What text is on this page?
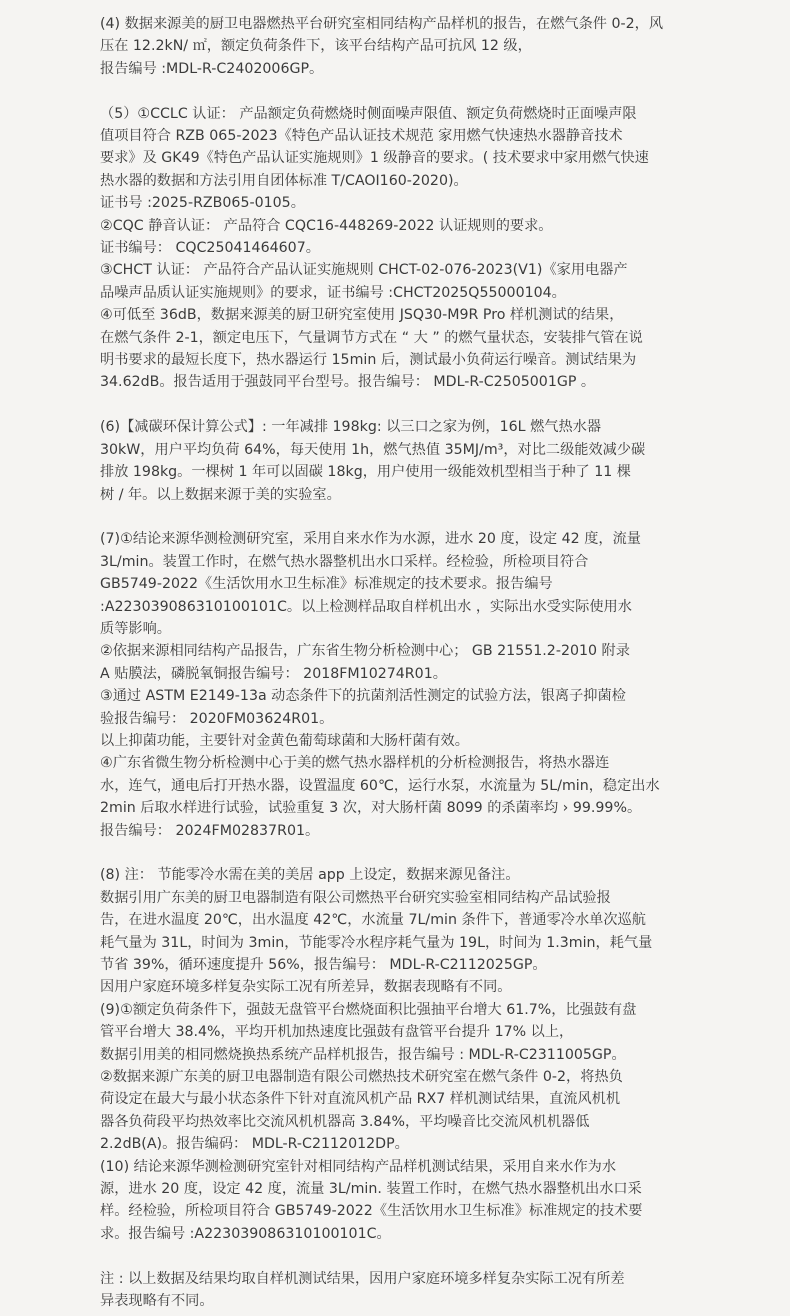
(4) 数据来源美的厨卫电器燃热平台研究室相同结构产品样机的报告，在燃气条件 0-2，风
压在 12.2kN/ ㎡，额定负荷条件下，该平台结构产品可抗风 12 级，
报告编号 :MDL-R-C2402006GP。
（5）①CCLC 认证： 产品额定负荷燃烧时侧面噪声限值、额定负荷燃烧时正面噪声限
值项目符合 RZB 065-2023《特色产品认证技术规范 家用燃气快速热水器静音技术
要求》及 GK49《特色产品认证实施规则》1 级静音的要求。( 技术要求中家用燃气快速
热水器的数据和方法引用自团体标准 T/CAOI160-2020)。
证书号 :2025-RZB065-0105。
②CQC 静音认证： 产品符合 CQC16-448269-2022 认证规则的要求。
证书编号： CQC25041464607。
③CHCT 认证： 产品符合产品认证实施规则 CHCT-02-076-2023(V1)《家用电器产
品噪声品质认证实施规则》的要求，证书编号 :CHCT2025Q55000104。
④可低至 36dB，数据来源美的厨卫研究室使用 JSQ30-M9R Pro 样机测试的结果，
在燃气条件 2-1，额定电压下，气量调节方式在 “ 大 ” 的燃气量状态，安装排气管在说
明书要求的最短长度下，热水器运行 15min 后，测试最小负荷运行噪音。测试结果为
34.62dB。报告适用于强鼓同平台型号。报告编号： MDL-R-C2505001GP 。
(6)【减碳环保计算公式】: 一年减排 198kg: 以三口之家为例，16L 燃气热水器
30kW，用户平均负荷 64%，每天使用 1h，燃气热值 35MJ/m³，对比二级能效减少碳
排放 198kg。一棵树 1 年可以固碳 18kg，用户使用一级能效机型相当于种了 11 棵
树 / 年。以上数据来源于美的实验室。
(7)①结论来源华测检测研究室，采用自来水作为水源，进水 20 度，设定 42 度，流量
3L/min。装置工作时，在燃气热水器整机出水口采样。经检验，所检项目符合
GB5749-2022《生活饮用水卫生标准》标准规定的技术要求。报告编号
:A223039086310100101C。以上检测样品取自样机出水 ，实际出水受实际使用水
质等影响。
②依据来源相同结构产品报告，广东省生物分析检测中心； GB 21551.2-2010 附录
A 贴膜法，磷脱氧铜报告编号： 2018FM10274R01。
③通过 ASTM E2149-13a 动态条件下的抗菌剂活性测定的试验方法，银离子抑菌检
验报告编号： 2020FM03624R01。
以上抑菌功能，主要针对金黄色葡萄球菌和大肠杆菌有效。
④广东省微生物分析检测中心于美的燃气热水器样机的分析检测报告，将热水器连
水，连气，通电后打开热水器，设置温度 60℃，运行水泵，水流量为 5L/min，稳定出水
2min 后取水样进行试验，试验重复 3 次，对大肠杆菌 8099 的杀菌率均 › 99.99%。
报告编号： 2024FM02837R01。
(8) 注： 节能零冷水需在美的美居 app 上设定，数据来源见备注。
数据引用广东美的厨卫电器制造有限公司燃热平台研究实验室相同结构产品试验报
告，在进水温度 20℃，出水温度 42℃，水流量 7L/min 条件下，普通零冷水单次巡航
耗气量为 31L，时间为 3min，节能零冷水程序耗气量为 19L，时间为 1.3min，耗气量
节省 39%，循环速度提升 56%，报告编号： MDL-R-C2112025GP。
因用户家庭环境多样复杂实际工况有所差异，数据表现略有不同。
(9)①额定负荷条件下，强鼓无盘管平台燃烧面积比强抽平台增大 61.7%，比强鼓有盘
管平台增大 38.4%，平均开机加热速度比强鼓有盘管平台提升 17% 以上，
数据引用美的相同燃烧换热系统产品样机报告，报告编号 : MDL-R-C2311005GP。
②数据来源广东美的厨卫电器制造有限公司燃热技术研究室在燃气条件 0-2，将热负
荷设定在最大与最小状态条件下针对直流风机产品 RX7 样机测试结果，直流风机机
器各负荷段平均热效率比交流风机机器高 3.84%，平均噪音比交流风机机器低
2.2dB(A)。报告编码： MDL-R-C2112012DP。
(10) 结论来源华测检测研究室针对相同结构产品样机测试结果，采用自来水作为水
源，进水 20 度，设定 42 度，流量 3L/min. 装置工作时，在燃气热水器整机出水口采
样。经检验，所检项目符合 GB5749-2022《生活饮用水卫生标准》标准规定的技术要
求。报告编号 :A223039086310100101C。
注 : 以上数据及结果均取自样机测试结果，因用户家庭环境多样复杂实际工况有所差
异表现略有不同。
